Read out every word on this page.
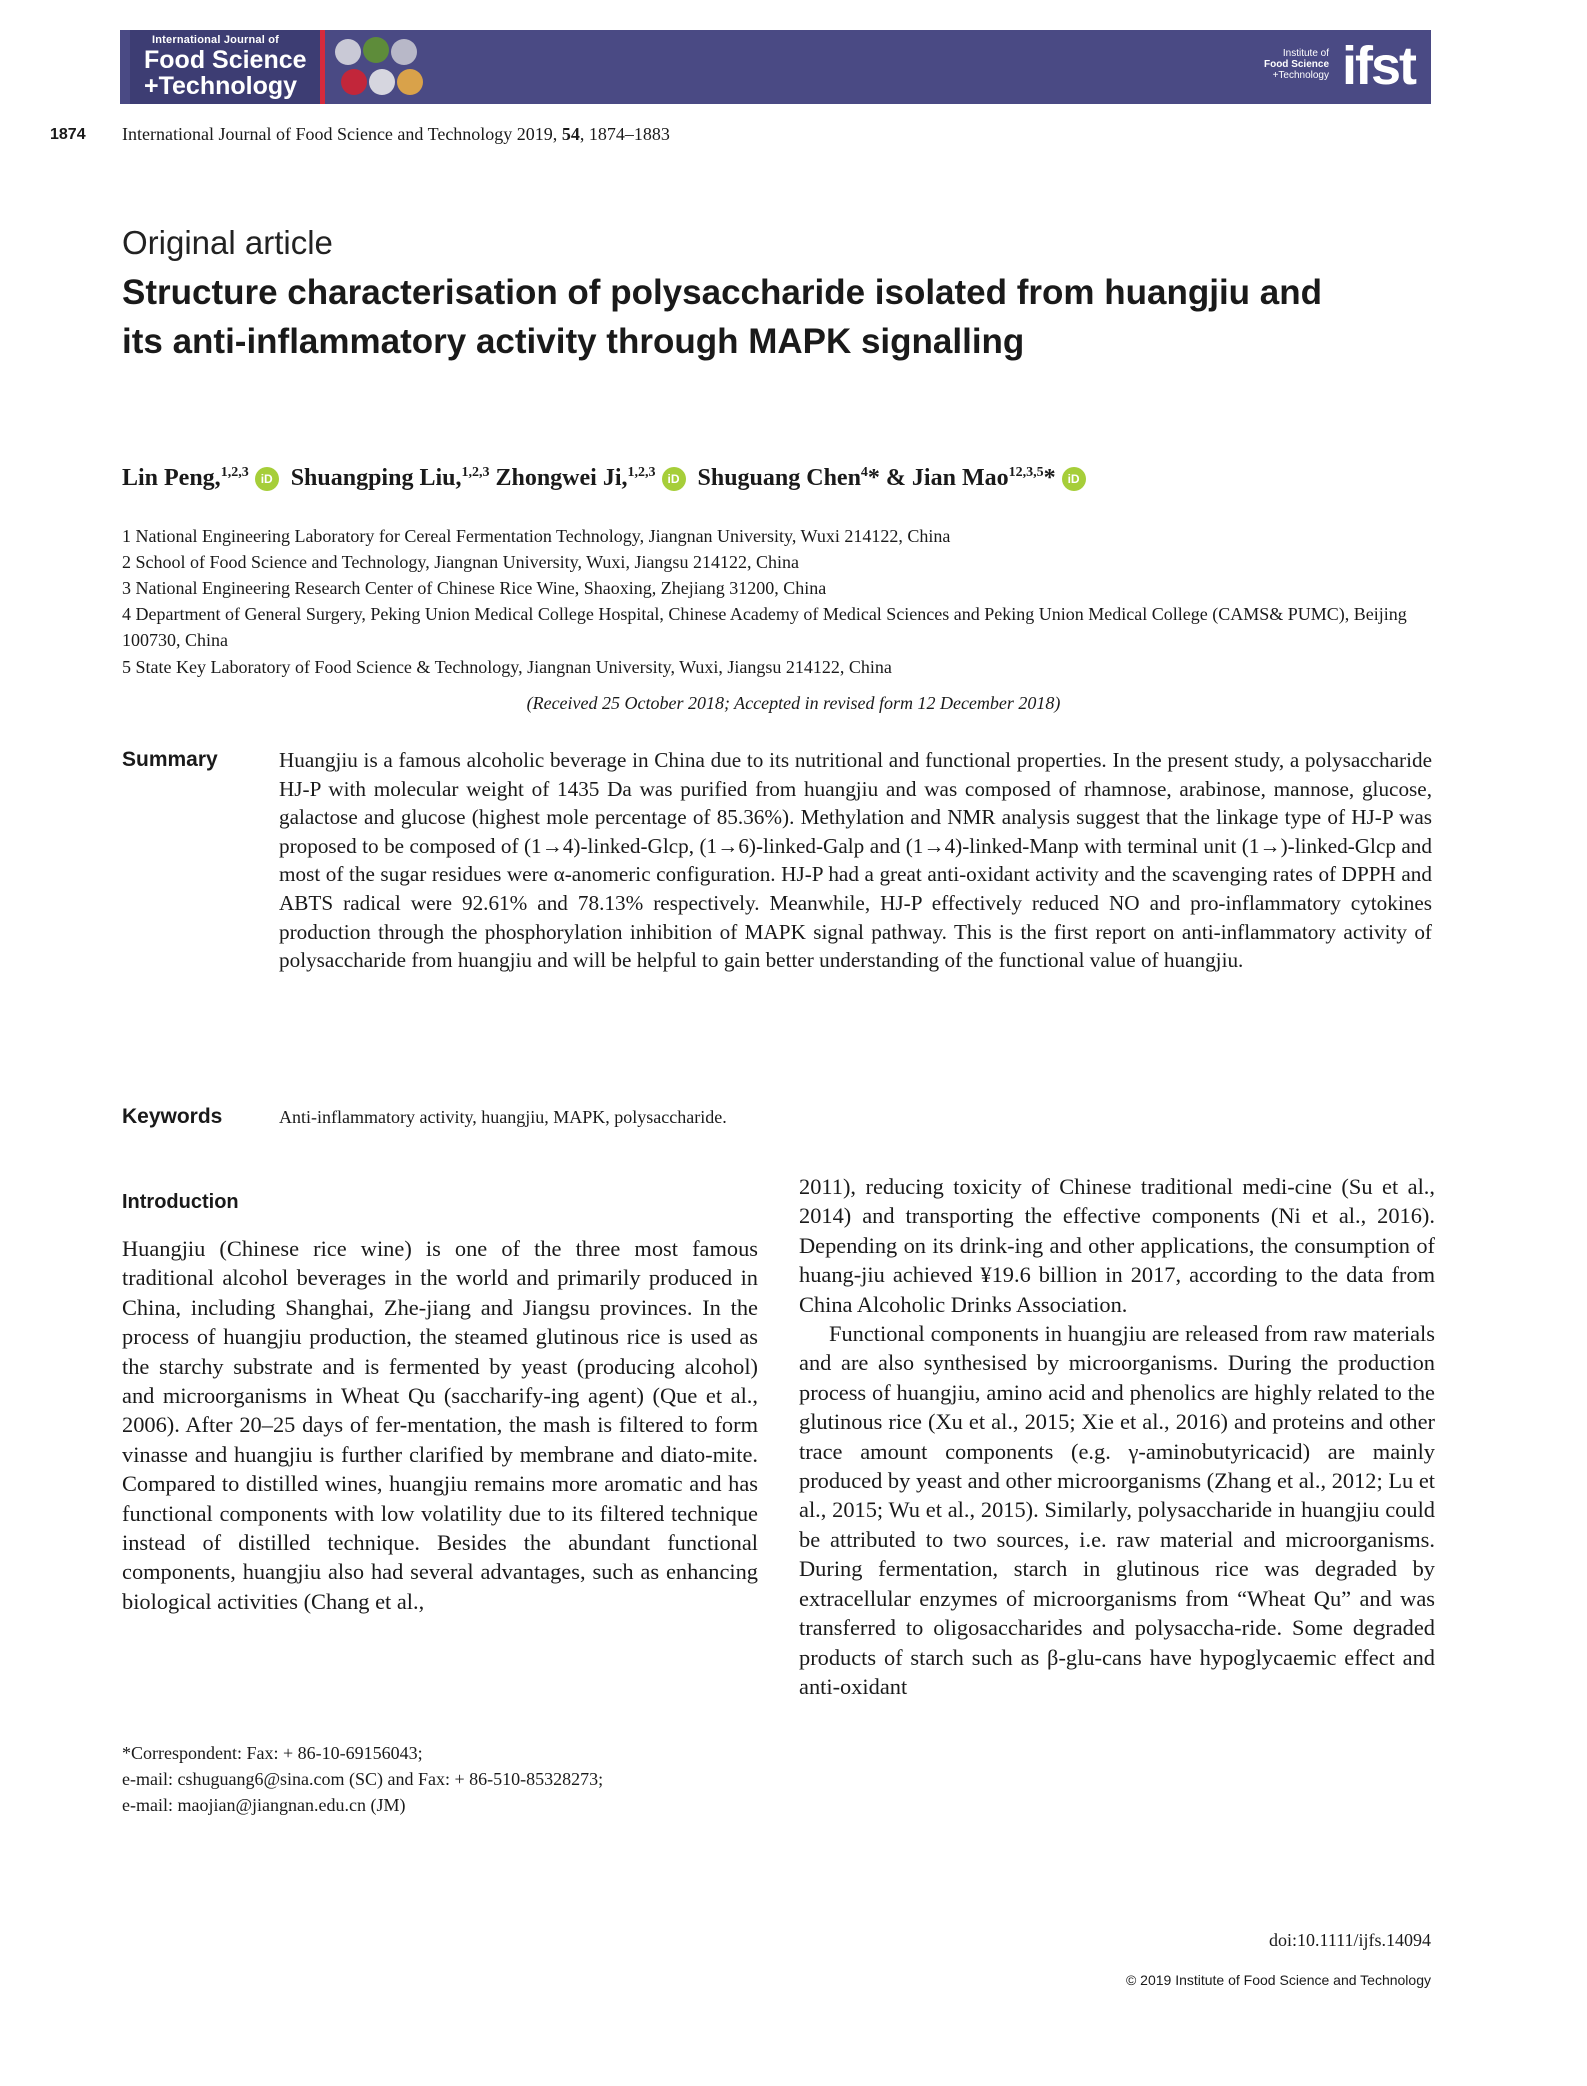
International Journal of
Food Science
+Technology
Institute of
Food Science
+Technology ifst
1874 International Journal of Food Science and Technology 2019, 54, 1874–1883
Original article
Structure characterisation of polysaccharide isolated from huangjiu and its anti-inflammatory activity through MAPK signalling
Lin Peng,$^{1,2,3}$ iD Shuangping Liu,$^{1,2,3}$ Zhongwei Ji,$^{1,2,3}$ iD Shuguang Chen$^4$* & Jian Mao$^{12,3,5}$* iD
1 National Engineering Laboratory for Cereal Fermentation Technology, Jiangnan University, Wuxi 214122, China
2 School of Food Science and Technology, Jiangnan University, Wuxi, Jiangsu 214122, China
3 National Engineering Research Center of Chinese Rice Wine, Shaoxing, Zhejiang 31200, China
4 Department of General Surgery, Peking Union Medical College Hospital, Chinese Academy of Medical Sciences and Peking Union Medical College (CAMS& PUMC), Beijing 100730, China
5 State Key Laboratory of Food Science & Technology, Jiangnan University, Wuxi, Jiangsu 214122, China
(Received 25 October 2018; Accepted in revised form 12 December 2018)
Summary	Huangjiu is a famous alcoholic beverage in China due to its nutritional and functional properties. In the present study, a polysaccharide HJ-P with molecular weight of 1435 Da was purified from huangjiu and was composed of rhamnose, arabinose, mannose, glucose, galactose and glucose (highest mole percentage of 85.36%). Methylation and NMR analysis suggest that the linkage type of HJ-P was proposed to be composed of (1→4)-linked-Glcp, (1→6)-linked-Galp and (1→4)-linked-Manp with terminal unit (1→)-linked-Glcp and most of the sugar residues were α-anomeric configuration. HJ-P had a great anti-oxidant activity and the scavenging rates of DPPH and ABTS radical were 92.61% and 78.13% respectively. Meanwhile, HJ-P effectively reduced NO and pro-inflammatory cytokines production through the phosphorylation inhibition of MAPK signal pathway. This is the first report on anti-inflammatory activity of polysaccharide from huangjiu and will be helpful to gain better understanding of the functional value of huangjiu.
Keywords	Anti-inflammatory activity, huangjiu, MAPK, polysaccharide.
Introduction

Huangjiu (Chinese rice wine) is one of the three most famous traditional alcohol beverages in the world and primarily produced in China, including Shanghai, Zhe-jiang and Jiangsu provinces. In the process of huangjiu production, the steamed glutinous rice is used as the starchy substrate and is fermented by yeast (producing alcohol) and microorganisms in Wheat Qu (saccharify-ing agent) (Que et al., 2006). After 20–25 days of fer-mentation, the mash is filtered to form vinasse and huangjiu is further clarified by membrane and diato-mite. Compared to distilled wines, huangjiu remains more aromatic and has functional components with low volatility due to its filtered technique instead of distilled technique. Besides the abundant functional components, huangjiu also had several advantages, such as enhancing biological activities (Chang et al.,

2011), reducing toxicity of Chinese traditional medi-cine (Su et al., 2014) and transporting the effective components (Ni et al., 2016). Depending on its drink-ing and other applications, the consumption of huang-jiu achieved ¥19.6 billion in 2017, according to the data from China Alcoholic Drinks Association.

Functional components in huangjiu are released from raw materials and are also synthesised by microorganisms. During the production process of huangjiu, amino acid and phenolics are highly related to the glutinous rice (Xu et al., 2015; Xie et al., 2016) and proteins and other trace amount components (e.g. γ-aminobutyricacid) are mainly produced by yeast and other microorganisms (Zhang et al., 2012; Lu et al., 2015; Wu et al., 2015). Similarly, polysaccharide in huangjiu could be attributed to two sources, i.e. raw material and microorganisms. During fermentation, starch in glutinous rice was degraded by extracellular enzymes of microorganisms from “Wheat Qu” and was transferred to oligosaccharides and polysaccha-ride. Some degraded products of starch such as β-glu-cans have hypoglycaemic effect and anti-oxidant

*Correspondent: Fax: + 86-10-69156043;
e-mail: cshuguang6@sina.com (SC) and Fax: + 86-510-85328273;
e-mail: maojian@jiangnan.edu.cn (JM)
doi:10.1111/ijfs.14094
© 2019 Institute of Food Science and Technology
